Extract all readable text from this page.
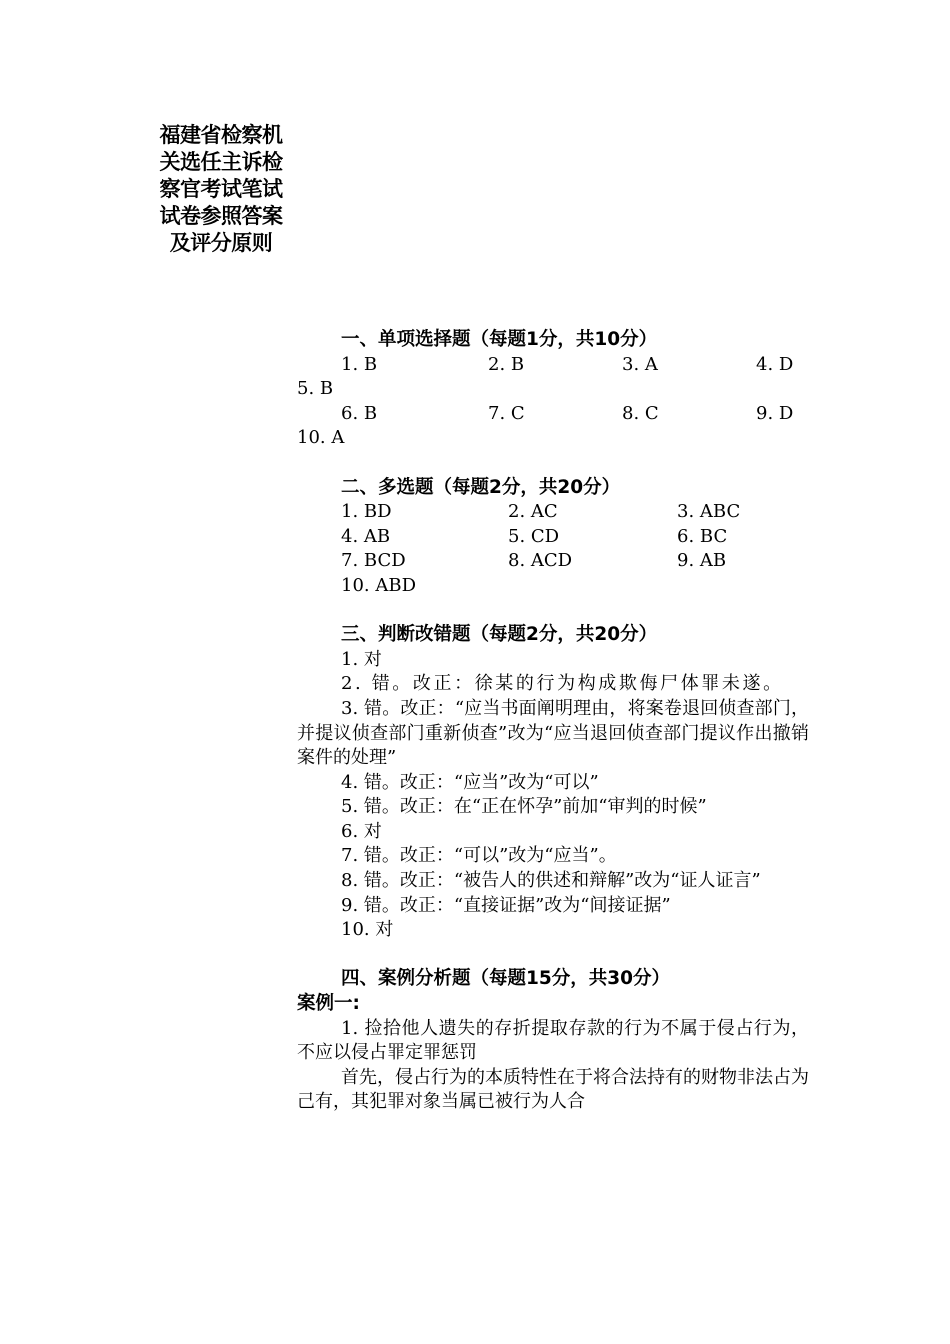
福建省检察机
关选任主诉检
察官考试笔试
试卷参照答案
及评分原则
一、单项选择题（每题1分，共10分）
1. B	2. B	3. A	4. D
5. B
6. B	7. C	8. C	9. D
10. A
二、多选题（每题2分，共20分）
1. BD	2. AC	3. ABC
4. AB	5. CD	6. BC
7. BCD	8. ACD	9. AB
10. ABD
三、判断改错题（每题2分，共20分）
1. 对
2. 错。改正：徐某的行为构成欺侮尸体罪未遂。
3. 错。改正：“应当书面阐明理由，将案卷退回侦查部门，并提议侦查部门重新侦查”改为“应当退回侦查部门提议作出撤销案件的处理”
4. 错。改正：“应当”改为“可以”
5. 错。改正：在“正在怀孕”前加“审判的时候”
6. 对
7. 错。改正：“可以”改为“应当”。
8. 错。改正：“被告人的供述和辩解”改为“证人证言”
9. 错。改正：“直接证据”改为“间接证据”
10. 对
四、案例分析题（每题15分，共30分）
案例一:
1. 捡拾他人遗失的存折提取存款的行为不属于侵占行为，不应以侵占罪定罪惩罚
首先，侵占行为的本质特性在于将合法持有的财物非法占为己有，其犯罪对象当属已被行为人合
